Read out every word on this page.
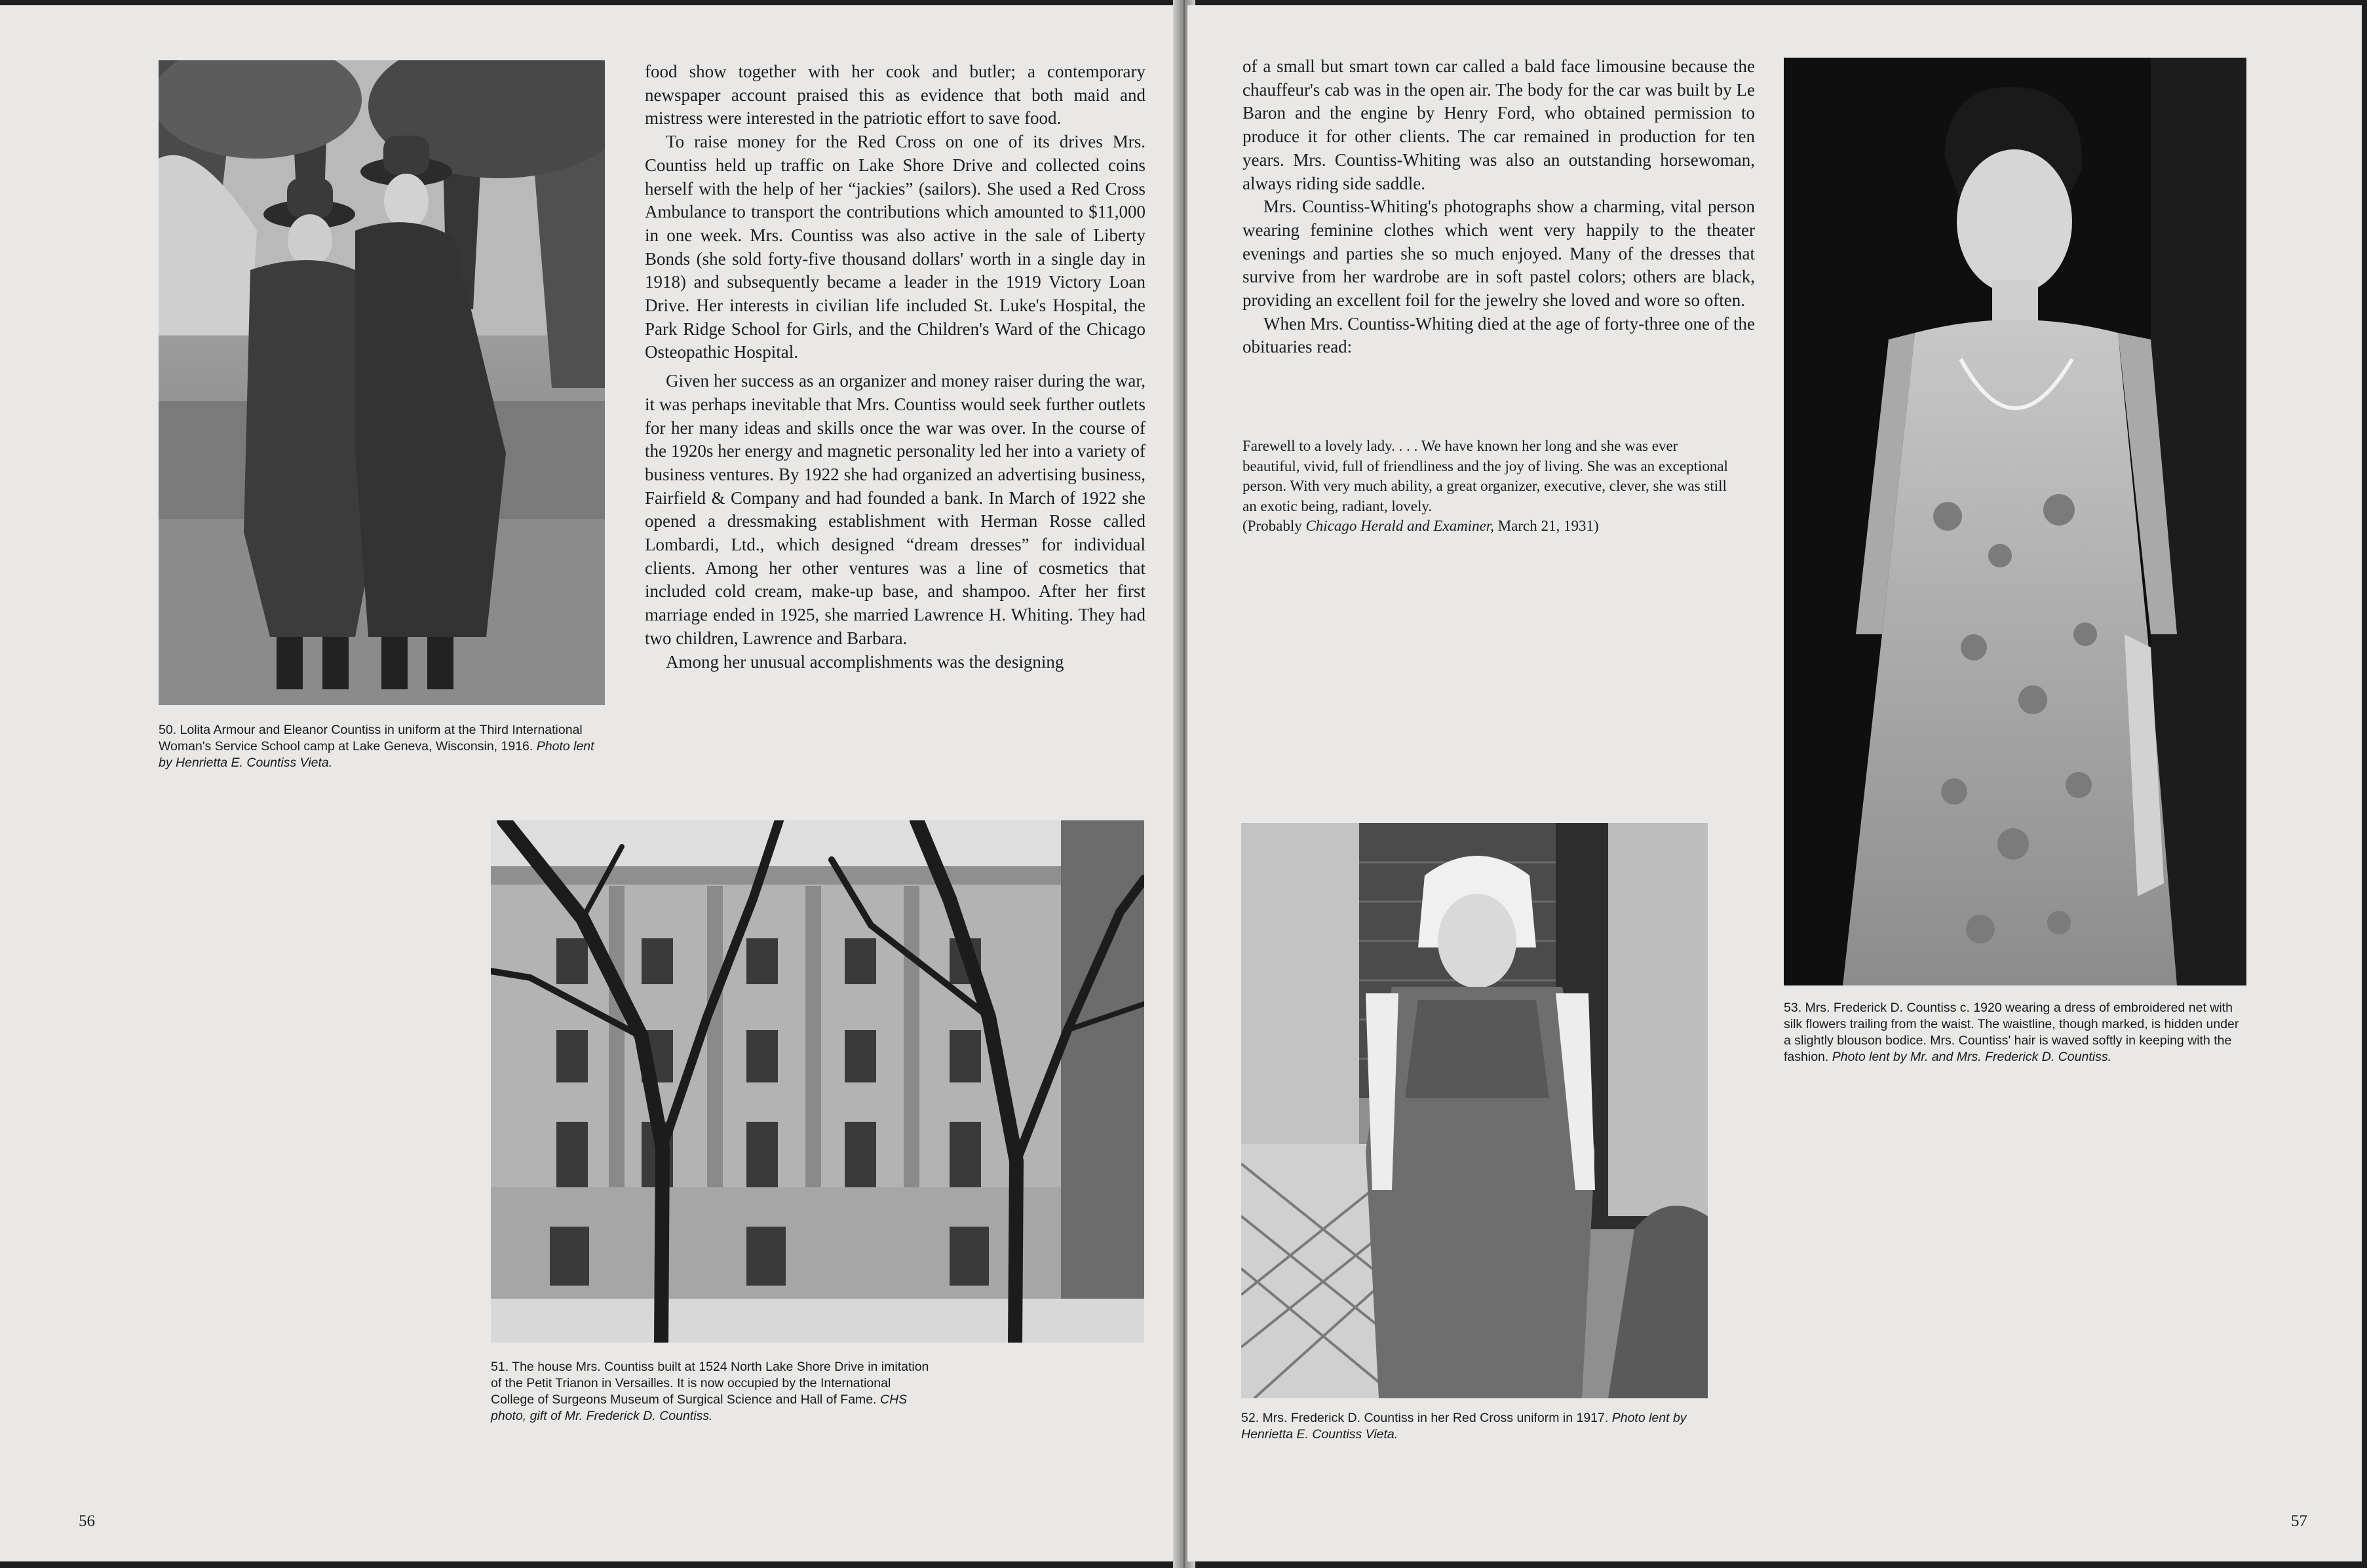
50. Lolita Armour and Eleanor Countiss in uniform at the Third International Woman's Service School camp at Lake Geneva, Wisconsin, 1916. Photo lent by Henrietta E. Countiss Vieta.

food show together with her cook and butler; a contemporary newspaper account praised this as evidence that both maid and mistress were interested in the patriotic effort to save food.

To raise money for the Red Cross on one of its drives Mrs. Countiss held up traffic on Lake Shore Drive and collected coins herself with the help of her “jackies” (sailors). She used a Red Cross Ambulance to transport the contributions which amounted to $11,000 in one week. Mrs. Countiss was also active in the sale of Liberty Bonds (she sold forty-five thousand dollars' worth in a single day in 1918) and subsequently became a leader in the 1919 Victory Loan Drive. Her interests in civilian life included St. Luke's Hospital, the Park Ridge School for Girls, and the Children's Ward of the Chicago Osteopathic Hospital.

Given her success as an organizer and money raiser during the war, it was perhaps inevitable that Mrs. Countiss would seek further outlets for her many ideas and skills once the war was over. In the course of the 1920s her energy and magnetic personality led her into a variety of business ventures. By 1922 she had organized an advertising business, Fairfield & Company and had founded a bank. In March of 1922 she opened a dressmaking establishment with Herman Rosse called Lombardi, Ltd., which designed “dream dresses” for individual clients. Among her other ventures was a line of cosmetics that included cold cream, make-up base, and shampoo. After her first marriage ended in 1925, she married Lawrence H. Whiting. They had two children, Lawrence and Barbara.

Among her unusual accomplishments was the designing

51. The house Mrs. Countiss built at 1524 North Lake Shore Drive in imitation of the Petit Trianon in Versailles. It is now occupied by the International College of Surgeons Museum of Surgical Science and Hall of Fame. CHS photo, gift of Mr. Frederick D. Countiss.
56

of a small but smart town car called a bald face limousine because the chauffeur's cab was in the open air. The body for the car was built by Le Baron and the engine by Henry Ford, who obtained permission to produce it for other clients. The car remained in production for ten years. Mrs. Countiss-Whiting was also an outstanding horsewoman, always riding side saddle.

Mrs. Countiss-Whiting's photographs show a charming, vital person wearing feminine clothes which went very happily to the theater evenings and parties she so much enjoyed. Many of the dresses that survive from her wardrobe are in soft pastel colors; others are black, providing an excellent foil for the jewelry she loved and wore so often.

When Mrs. Countiss-Whiting died at the age of forty-three one of the obituaries read:

Farewell to a lovely lady. . . . We have known her long and she was ever beautiful, vivid, full of friendliness and the joy of living. She was an exceptional person. With very much ability, a great organizer, executive, clever, she was still an exotic being, radiant, lovely.

(Probably Chicago Herald and Examiner, March 21, 1931)

52. Mrs. Frederick D. Countiss in her Red Cross uniform in 1917. Photo lent by Henrietta E. Countiss Vieta.
53. Mrs. Frederick D. Countiss c. 1920 wearing a dress of embroidered net with silk flowers trailing from the waist. The waistline, though marked, is hidden under a slightly blouson bodice. Mrs. Countiss' hair is waved softly in keeping with the fashion. Photo lent by Mr. and Mrs. Frederick D. Countiss.
57
